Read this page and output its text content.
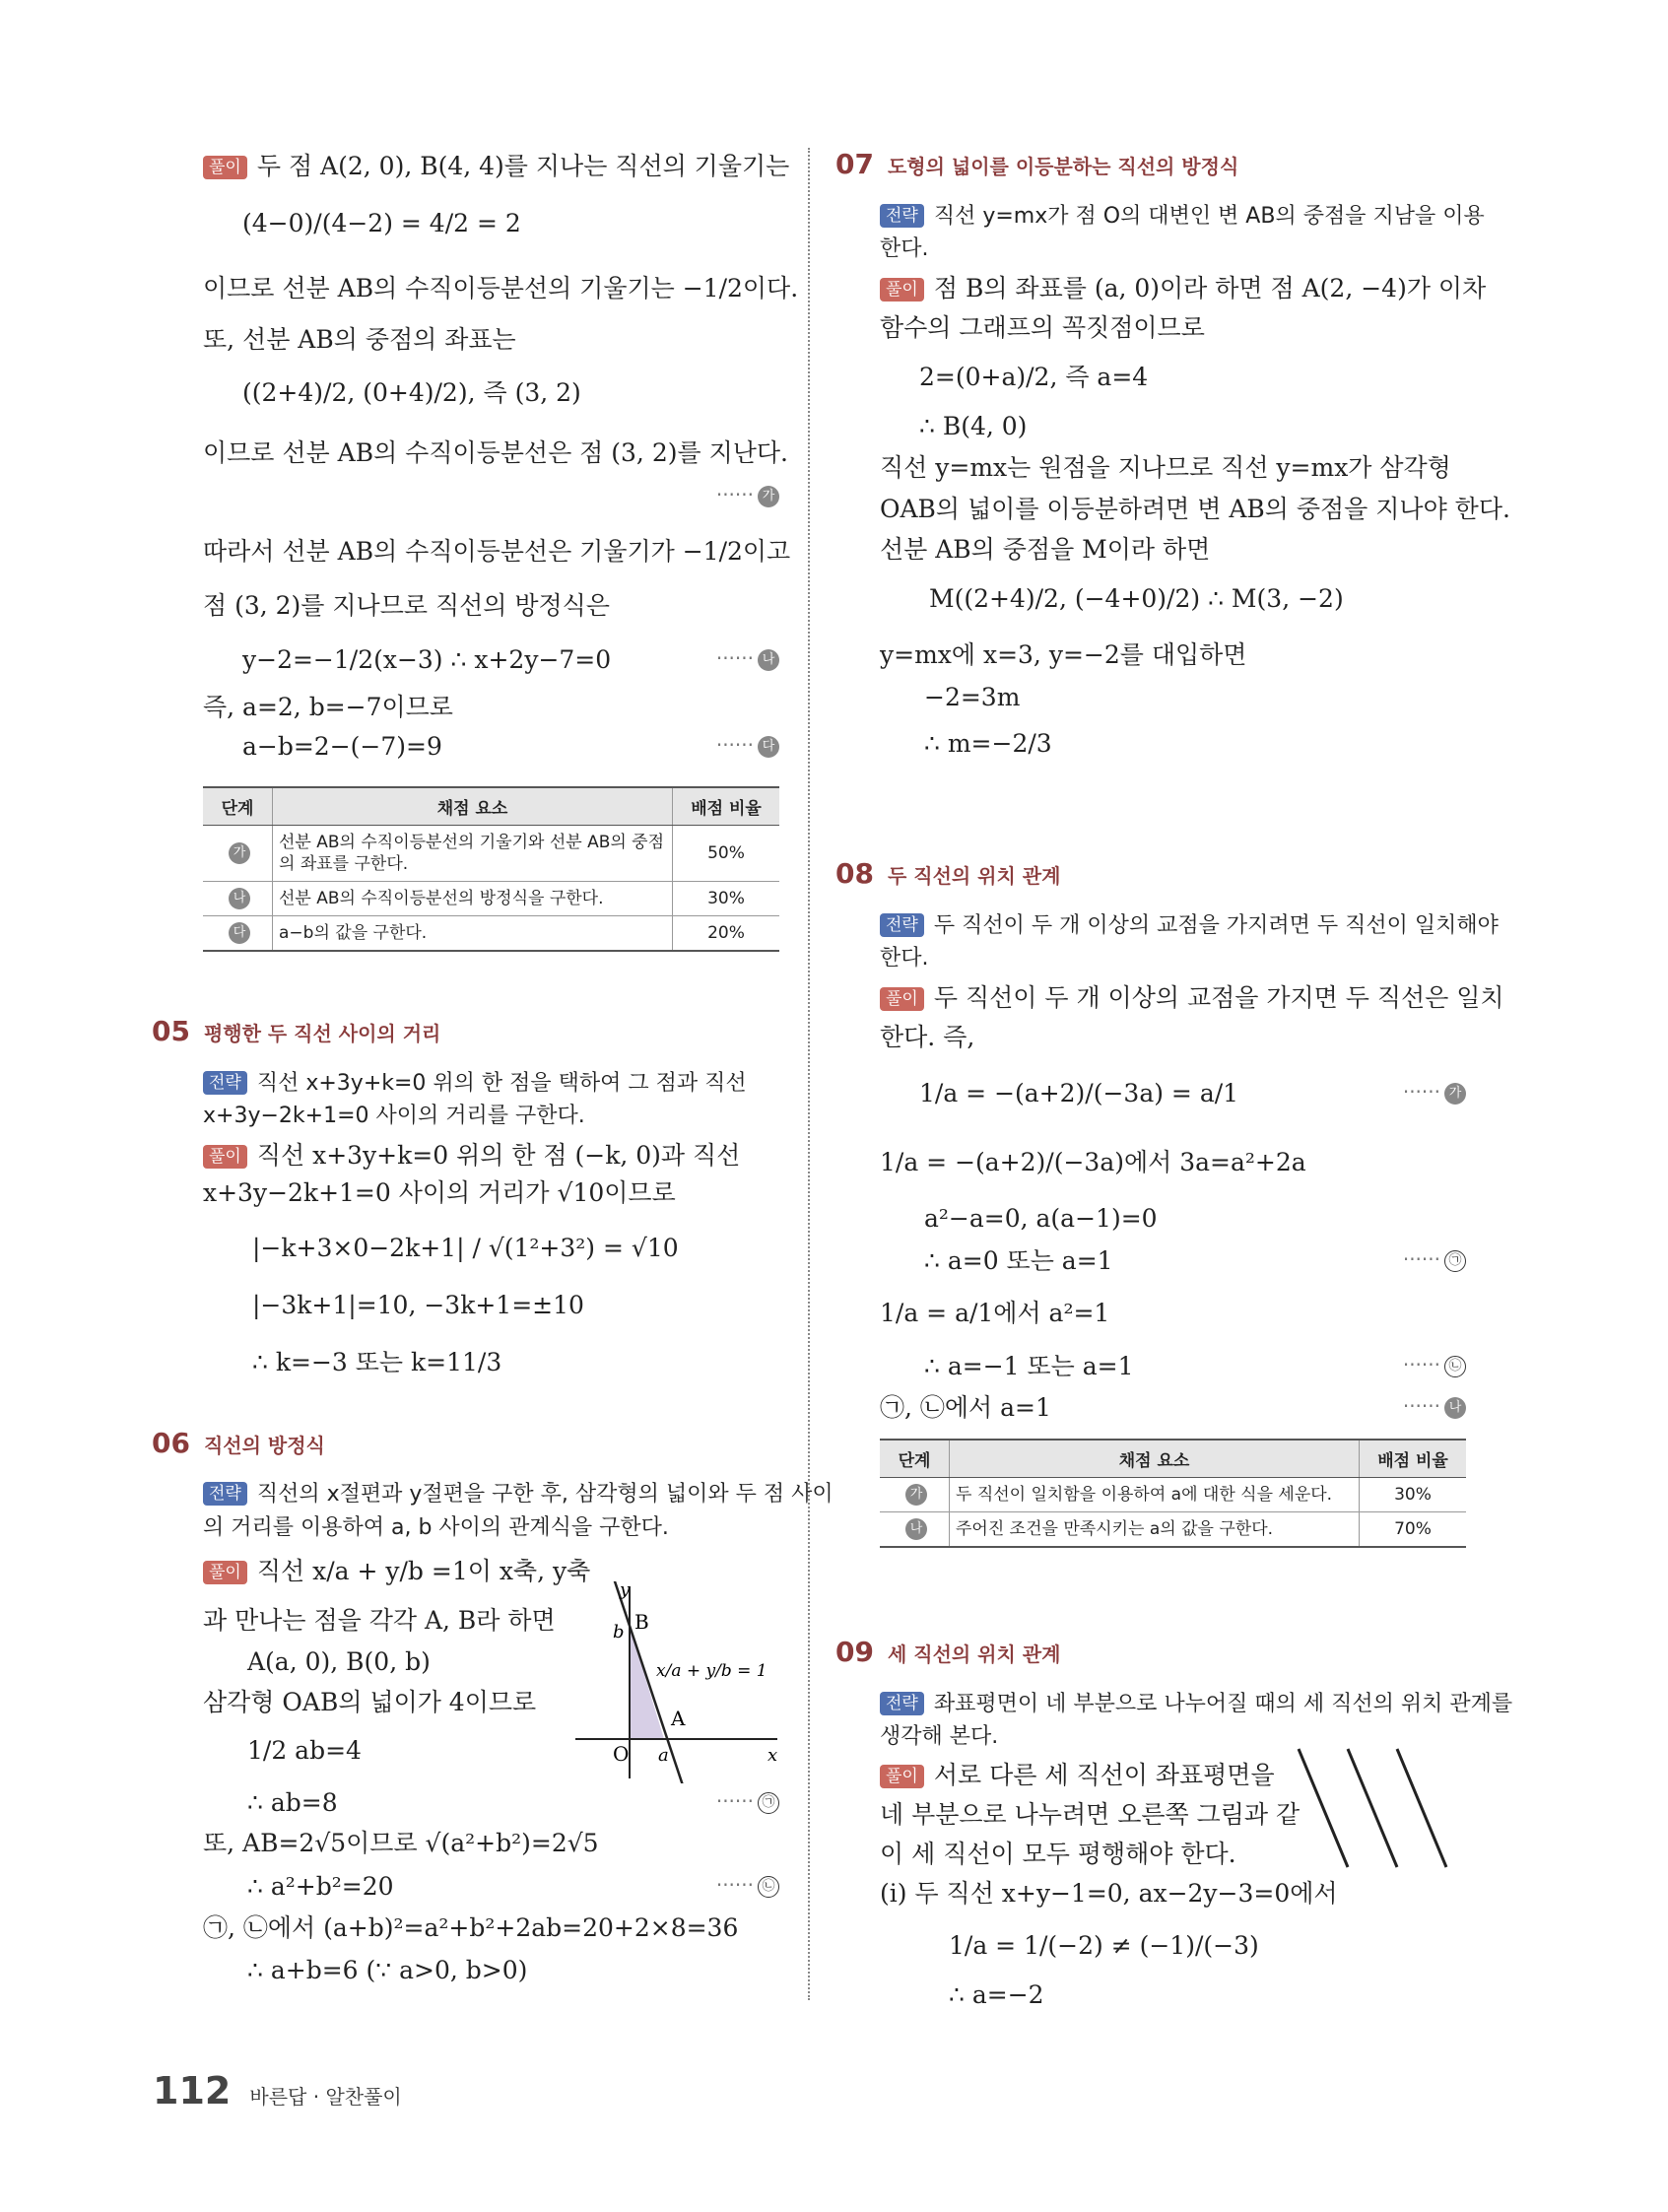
풀이 두 점 A(2, 0), B(4, 4)를 지나는 직선의 기울기는
(4−0)/(4−2) = 4/2 = 2
이므로 선분 AB의 수직이등분선의 기울기는 −1/2이다.
또, 선분 AB의 중점의 좌표는
((2+4)/2, (0+4)/2), 즉 (3, 2)
이므로 선분 AB의 수직이등분선은 점 (3, 2)를 지난다.
······ 가
따라서 선분 AB의 수직이등분선은 기울기가 −1/2이고
점 (3, 2)를 지나므로 직선의 방정식은
y−2=−1/2(x−3) ∴ x+2y−7=0	······ 나
즉, a=2, b=−7이므로
a−b=2−(−7)=9	······ 다
단계	채점 요소	배점 비율
가	선분 AB의 수직이등분선의 기울기와 선분 AB의 중점의 좌표를 구한다.	50%
나	선분 AB의 수직이등분선의 방정식을 구한다.	30%
다	a−b의 값을 구한다.	20%
05 평행한 두 직선 사이의 거리
전략 직선 x+3y+k=0 위의 한 점을 택하여 그 점과 직선
x+3y−2k+1=0 사이의 거리를 구한다.
풀이 직선 x+3y+k=0 위의 한 점 (−k, 0)과 직선
x+3y−2k+1=0 사이의 거리가 √10이므로
|−k+3×0−2k+1| / √(1²+3²) = √10
|−3k+1|=10, −3k+1=±10
∴ k=−3 또는 k=11/3
06 직선의 방정식
전략 직선의 x절편과 y절편을 구한 후, 삼각형의 넓이와 두 점 사이
의 거리를 이용하여 a, b 사이의 관계식을 구한다.
풀이 직선 x/a + y/b =1이 x축, y축
과 만나는 점을 각각 A, B라 하면
A(a, 0), B(0, b)
삼각형 OAB의 넓이가 4이므로
1/2 ab=4
∴ ab=8	······ ㉠
또, AB=2√5이므로 √(a²+b²)=2√5
∴ a²+b²=20	······ ㉡
㉠, ㉡에서 (a+b)²=a²+b²+2ab=20+2×8=36
∴ a+b=6 (∵ a>0, b>0)
y
x
O
b B
a
A
x/a + y/b = 1
07 도형의 넓이를 이등분하는 직선의 방정식
전략 직선 y=mx가 점 O의 대변인 변 AB의 중점을 지남을 이용
한다.
풀이 점 B의 좌표를 (a, 0)이라 하면 점 A(2, −4)가 이차
함수의 그래프의 꼭짓점이므로
2=(0+a)/2, 즉 a=4
∴ B(4, 0)
직선 y=mx는 원점을 지나므로 직선 y=mx가 삼각형
OAB의 넓이를 이등분하려면 변 AB의 중점을 지나야 한다.
선분 AB의 중점을 M이라 하면
M((2+4)/2, (−4+0)/2) ∴ M(3, −2)
y=mx에 x=3, y=−2를 대입하면
−2=3m
∴ m=−2/3
08 두 직선의 위치 관계
전략 두 직선이 두 개 이상의 교점을 가지려면 두 직선이 일치해야
한다.
풀이 두 직선이 두 개 이상의 교점을 가지면 두 직선은 일치
한다. 즉,
1/a = −(a+2)/(−3a) = a/1	······ 가
1/a = −(a+2)/(−3a)에서 3a=a²+2a
a²−a=0, a(a−1)=0
∴ a=0 또는 a=1	······ ㉠
1/a = a/1에서 a²=1
∴ a=−1 또는 a=1	······ ㉡
㉠, ㉡에서 a=1	······ 나
단계	채점 요소	배점 비율
가	두 직선이 일치함을 이용하여 a에 대한 식을 세운다.	30%
나	주어진 조건을 만족시키는 a의 값을 구한다.	70%
09 세 직선의 위치 관계
전략 좌표평면이 네 부분으로 나누어질 때의 세 직선의 위치 관계를
생각해 본다.
풀이 서로 다른 세 직선이 좌표평면을
네 부분으로 나누려면 오른쪽 그림과 같
이 세 직선이 모두 평행해야 한다.
(i) 두 직선 x+y−1=0, ax−2y−3=0에서
1/a = 1/(−2) ≠ (−1)/(−3)
∴ a=−2
112 바른답 · 알찬풀이
